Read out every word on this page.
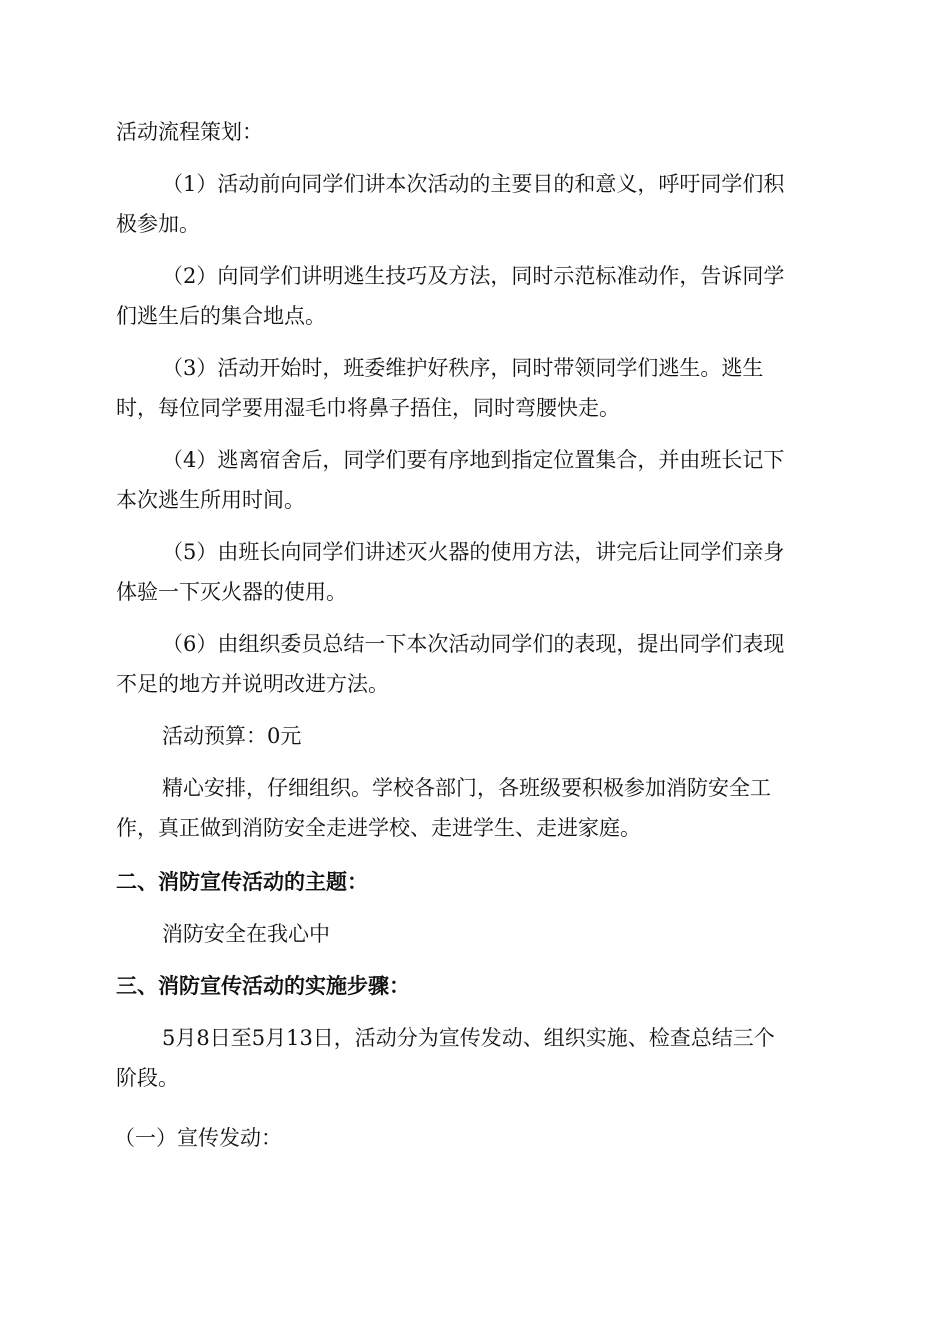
活动流程策划：

（1）活动前向同学们讲本次活动的主要目的和意义，呼吁同学们积
极参加。

（2）向同学们讲明逃生技巧及方法，同时示范标准动作，告诉同学
们逃生后的集合地点。

（3）活动开始时，班委维护好秩序，同时带领同学们逃生。逃生
时，每位同学要用湿毛巾将鼻子捂住，同时弯腰快走。

（4）逃离宿舍后，同学们要有序地到指定位置集合，并由班长记下
本次逃生所用时间。

（5）由班长向同学们讲述灭火器的使用方法，讲完后让同学们亲身
体验一下灭火器的使用。

（6）由组织委员总结一下本次活动同学们的表现，提出同学们表现
不足的地方并说明改进方法。

活动预算：0元

精心安排，仔细组织。学校各部门，各班级要积极参加消防安全工
作，真正做到消防安全走进学校、走进学生、走进家庭。

二、消防宣传活动的主题：

消防安全在我心中

三、消防宣传活动的实施步骤：

5月8日至5月13日，活动分为宣传发动、组织实施、检查总结三个
阶段。

（一）宣传发动：
